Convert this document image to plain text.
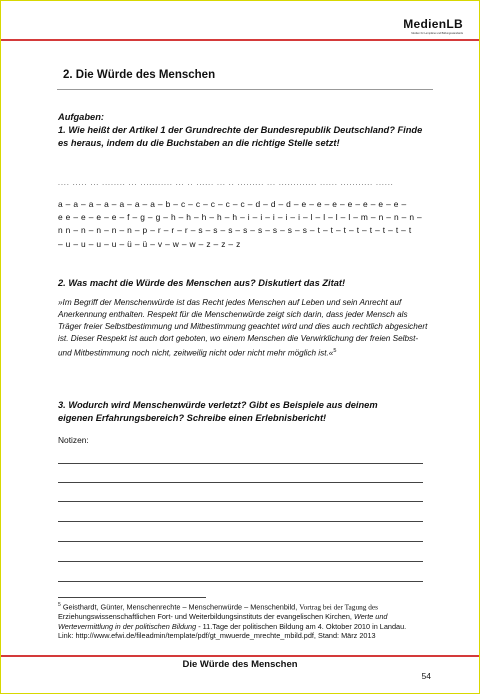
MedienLB
Medien für Lernpläne und Bildungsstandards
2. Die Würde des Menschen
Aufgaben:
1. Wie heißt der Artikel 1 der Grundrechte der Bundesrepublik Deutschland? Finde es heraus, indem du die Buchstaben an die richtige Stelle setzt!
.... ..... ... ........ ... ........... ... .. ...... ... .. ......... ... ............. ...... ........... ......
a – a – a – a – a – a – a – b – c – c – c – c – c – d – d – d – e – e – e – e – e – e – e –
e e – e – e – e – f – g – g – h – h – h – h – h – i – i – i – i – i – l – l – l – l – m – n – n – n –
n n – n – n – n – n – p – r – r – r – s – s – s – s – s – s – s – s – t – t – t – t – t – t – t – t
– u – u – u – u – ü – ü – v – w – w – z – z – z
2. Was macht die Würde des Menschen aus? Diskutiert das Zitat!
»Im Begriff der Menschenwürde ist das Recht jedes Menschen auf Leben und sein Anrecht auf Anerkennung enthalten. Respekt für die Menschenwürde zeigt sich darin, dass jeder Mensch als Träger freier Selbstbestimmung und Mitbestimmung geachtet wird und dies auch rechtlich abgesichert ist. Dieser Respekt ist auch dort geboten, wo einem Menschen die Verwirklichung der freien Selbst- und Mitbestimmung noch nicht, zeitweilig nicht oder nicht mehr möglich ist.«$^5$
3. Wodurch wird Menschenwürde verletzt? Gibt es Beispiele aus deinem eigenen Erfahrungsbereich? Schreibe einen Erlebnisbericht!
Notizen:
$^5$ Geisthardt, Günter, Menschenrechte – Menschenwürde – Menschenbild, Vortrag bei der Tagung des Erziehungswissenschaftlichen Fort- und Weiterbildungsinstituts der evangelischen Kirchen, Werte und Wertevermittlung in der politischen Bildung - 11.Tage der politischen Bildung am 4. Oktober 2010 in Landau. Link: http://www.efwi.de/fileadmin/template/pdf/gt_mwuerde_mrechte_mbild.pdf, Stand: März 2013
Die Würde des Menschen
54
